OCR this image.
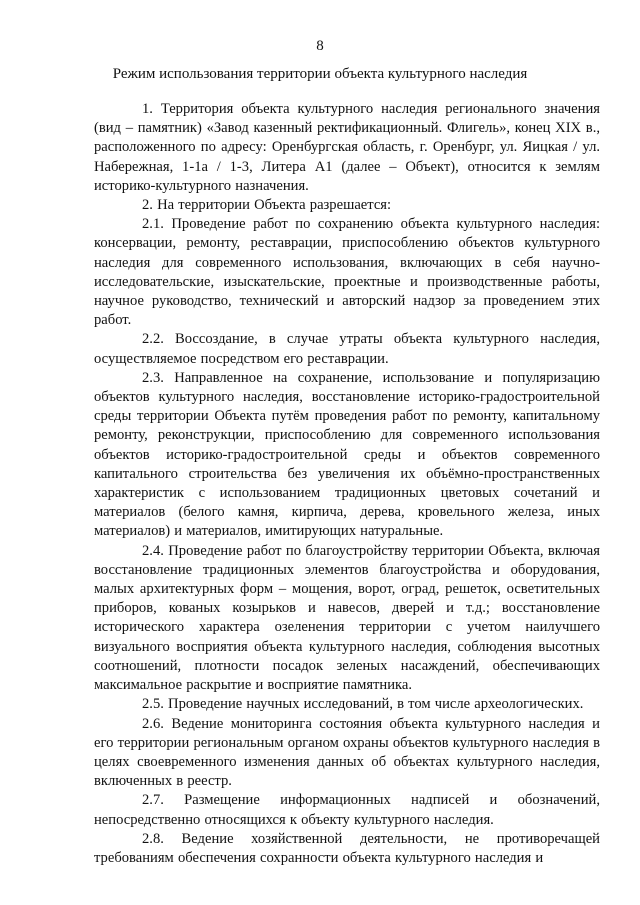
8
Режим использования территории объекта культурного наследия

1. Территория объекта культурного наследия регионального значения (вид – памятник) «Завод казенный ректификационный. Флигель», конец XIX в., расположенного по адресу: Оренбургская область, г. Оренбург, ул. Яицкая / ул. Набережная, 1-1а / 1-3, Литера А1 (далее – Объект), относится к землям историко-культурного назначения.

2. На территории Объекта разрешается:

2.1. Проведение работ по сохранению объекта культурного наследия: консервации, ремонту, реставрации, приспособлению объектов культурного наследия для современного использования, включающих в себя научно-исследовательские, изыскательские, проектные и производственные работы, научное руководство, технический и авторский надзор за проведением этих работ.

2.2. Воссоздание, в случае утраты объекта культурного наследия, осуществляемое посредством его реставрации.

2.3. Направленное на сохранение, использование и популяризацию объектов культурного наследия, восстановление историко-градостроительной среды территории Объекта путём проведения работ по ремонту, капитальному ремонту, реконструкции, приспособлению для современного использования объектов историко-градостроительной среды и объектов современного капитального строительства без увеличения их объёмно-пространственных характеристик с использованием традиционных цветовых сочетаний и материалов (белого камня, кирпича, дерева, кровельного железа, иных материалов) и материалов, имитирующих натуральные.

2.4. Проведение работ по благоустройству территории Объекта, включая восстановление традиционных элементов благоустройства и оборудования, малых архитектурных форм – мощения, ворот, оград, решеток, осветительных приборов, кованых козырьков и навесов, дверей и т.д.; восстановление исторического характера озеленения территории с учетом наилучшего визуального восприятия объекта культурного наследия, соблюдения высотных соотношений, плотности посадок зеленых насаждений, обеспечивающих максимальное раскрытие и восприятие памятника.

2.5. Проведение научных исследований, в том числе археологических.

2.6. Ведение мониторинга состояния объекта культурного наследия и его территории региональным органом охраны объектов культурного наследия в целях своевременного изменения данных об объектах культурного наследия, включенных в реестр.

2.7. Размещение информационных надписей и обозначений, непосредственно относящихся к объекту культурного наследия.

2.8. Ведение хозяйственной деятельности, не противоречащей требованиям обеспечения сохранности объекта культурного наследия и
